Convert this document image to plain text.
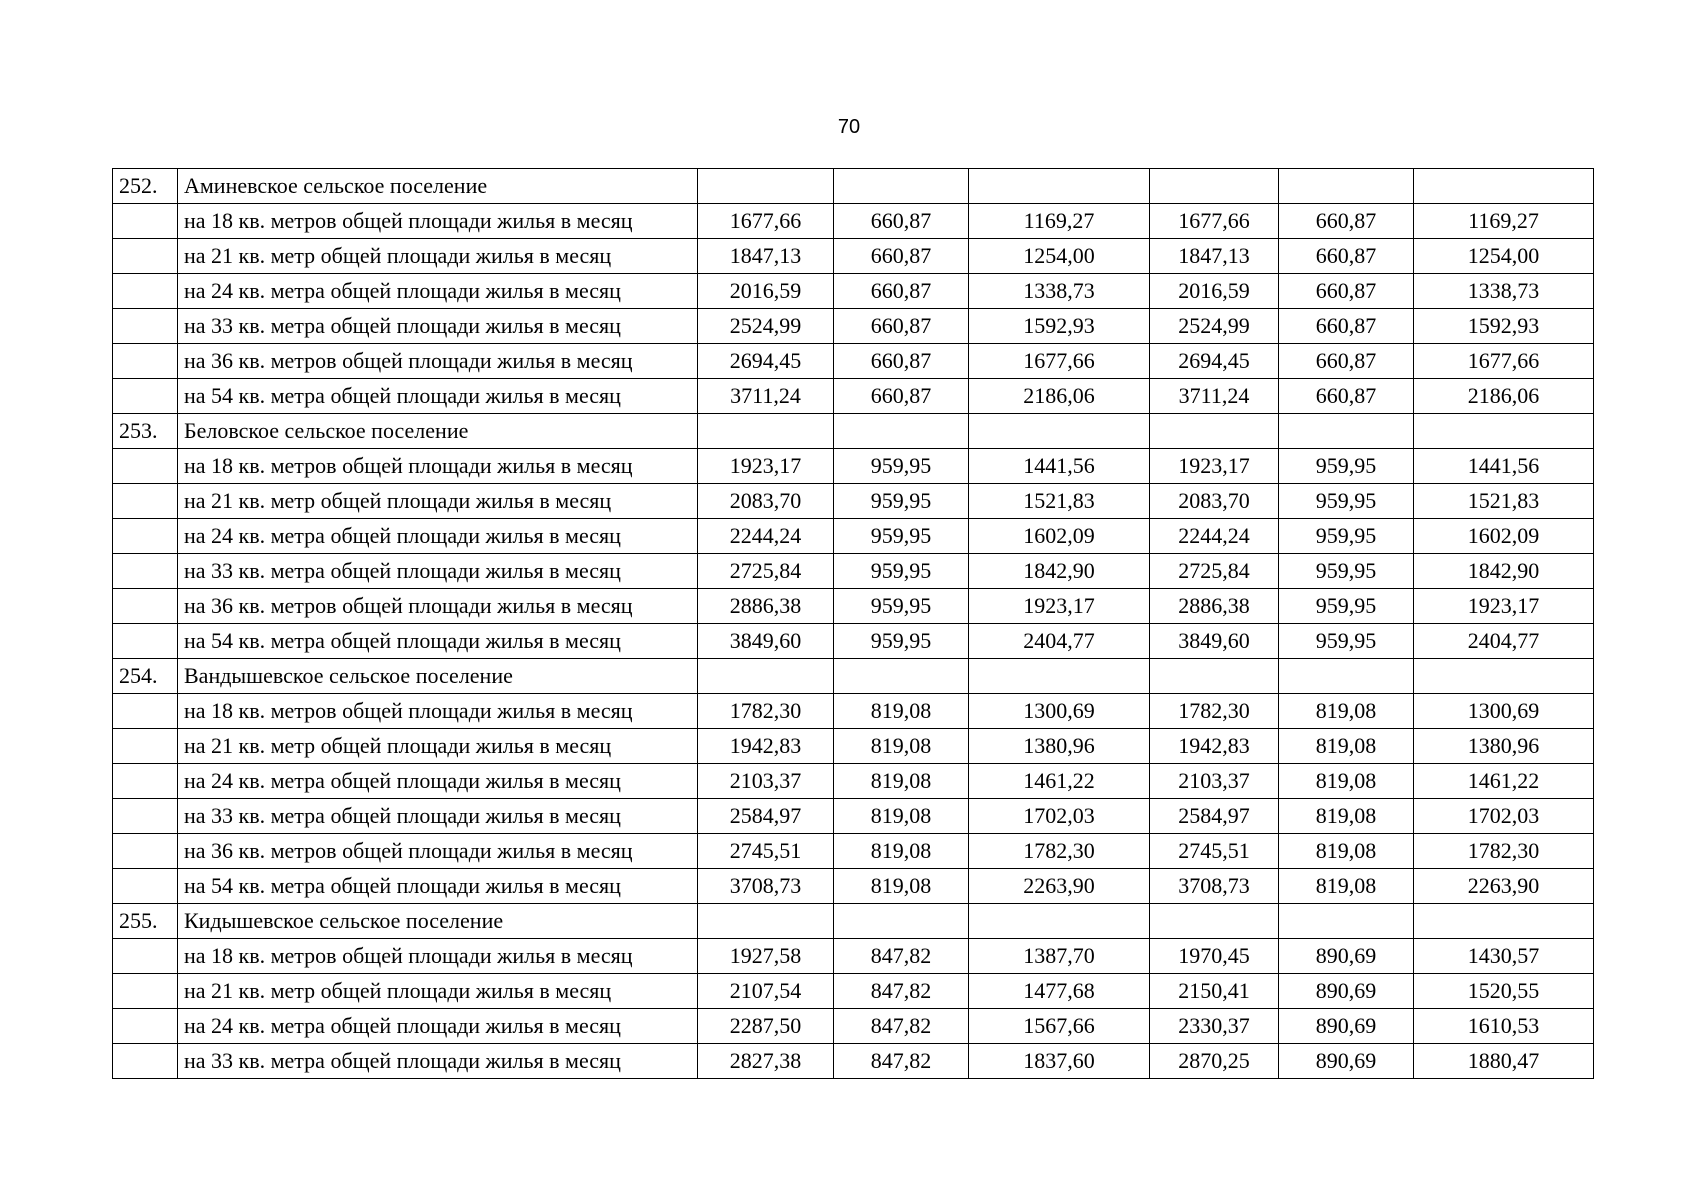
70
252.	Аминевское сельское поселение						
	на 18 кв. метров общей площади жилья в месяц	1677,66	660,87	1169,27	1677,66	660,87	1169,27
	на 21 кв. метр общей площади жилья в месяц	1847,13	660,87	1254,00	1847,13	660,87	1254,00
	на 24 кв. метра общей площади жилья в месяц	2016,59	660,87	1338,73	2016,59	660,87	1338,73
	на 33 кв. метра общей площади жилья в месяц	2524,99	660,87	1592,93	2524,99	660,87	1592,93
	на 36 кв. метров общей площади жилья в месяц	2694,45	660,87	1677,66	2694,45	660,87	1677,66
	на 54 кв. метра общей площади жилья в месяц	3711,24	660,87	2186,06	3711,24	660,87	2186,06
253.	Беловское сельское поселение						
	на 18 кв. метров общей площади жилья в месяц	1923,17	959,95	1441,56	1923,17	959,95	1441,56
	на 21 кв. метр общей площади жилья в месяц	2083,70	959,95	1521,83	2083,70	959,95	1521,83
	на 24 кв. метра общей площади жилья в месяц	2244,24	959,95	1602,09	2244,24	959,95	1602,09
	на 33 кв. метра общей площади жилья в месяц	2725,84	959,95	1842,90	2725,84	959,95	1842,90
	на 36 кв. метров общей площади жилья в месяц	2886,38	959,95	1923,17	2886,38	959,95	1923,17
	на 54 кв. метра общей площади жилья в месяц	3849,60	959,95	2404,77	3849,60	959,95	2404,77
254.	Вандышевское сельское поселение						
	на 18 кв. метров общей площади жилья в месяц	1782,30	819,08	1300,69	1782,30	819,08	1300,69
	на 21 кв. метр общей площади жилья в месяц	1942,83	819,08	1380,96	1942,83	819,08	1380,96
	на 24 кв. метра общей площади жилья в месяц	2103,37	819,08	1461,22	2103,37	819,08	1461,22
	на 33 кв. метра общей площади жилья в месяц	2584,97	819,08	1702,03	2584,97	819,08	1702,03
	на 36 кв. метров общей площади жилья в месяц	2745,51	819,08	1782,30	2745,51	819,08	1782,30
	на 54 кв. метра общей площади жилья в месяц	3708,73	819,08	2263,90	3708,73	819,08	2263,90
255.	Кидышевское сельское поселение						
	на 18 кв. метров общей площади жилья в месяц	1927,58	847,82	1387,70	1970,45	890,69	1430,57
	на 21 кв. метр общей площади жилья в месяц	2107,54	847,82	1477,68	2150,41	890,69	1520,55
	на 24 кв. метра общей площади жилья в месяц	2287,50	847,82	1567,66	2330,37	890,69	1610,53
	на 33 кв. метра общей площади жилья в месяц	2827,38	847,82	1837,60	2870,25	890,69	1880,47
